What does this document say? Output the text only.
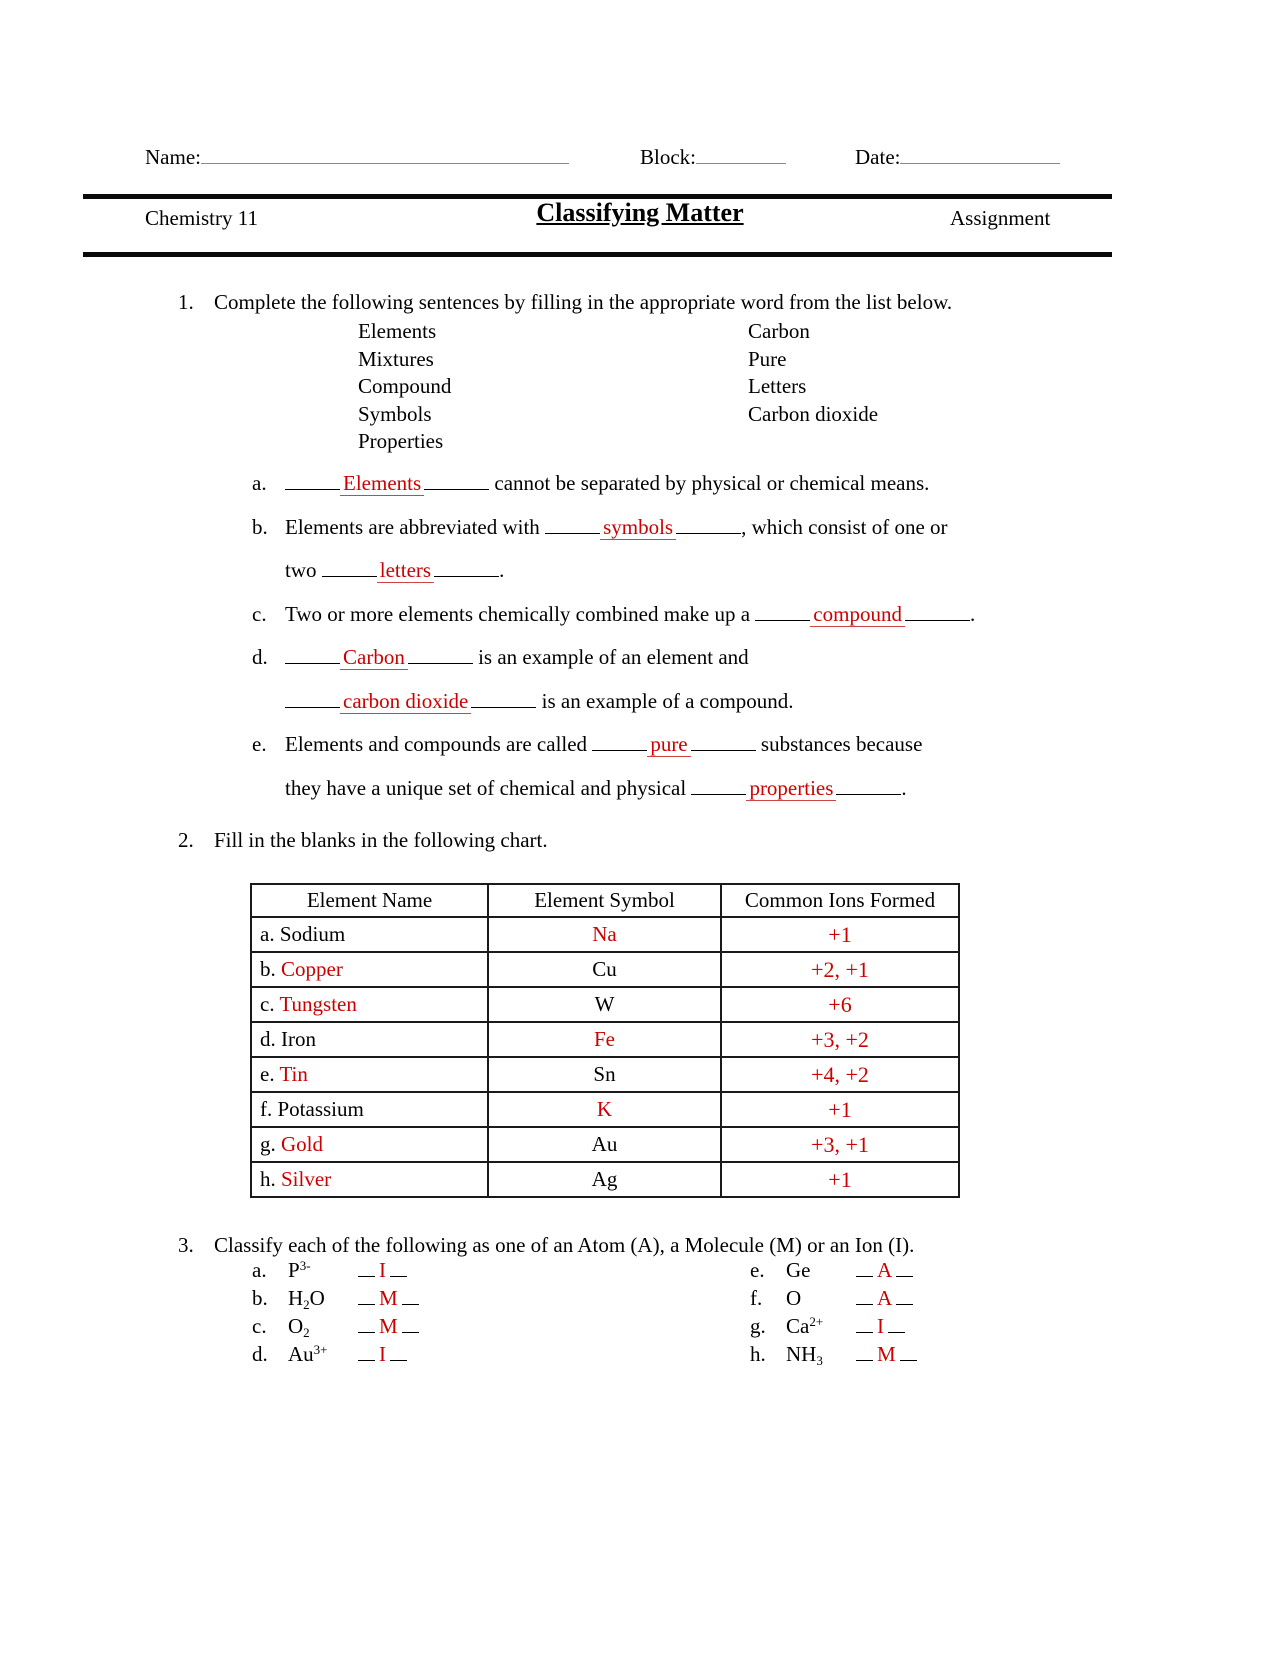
Name:	Block:	Date:
Chemistry 11	Classifying Matter	Assignment
1. Complete the following sentences by filling in the appropriate word from the list below.
Elements
Mixtures
Compound
Symbols
Properties
Carbon
Pure
Letters
Carbon dioxide
a.	Elements	cannot be separated by physical or chemical means.
b. Elements are abbreviated with	symbols	, which consist of one or
two	letters	.
c. Two or more elements chemically combined make up a	compound	.
d.	Carbon	is an example of an element and
carbon dioxide	is an example of a compound.
e. Elements and compounds are called	pure	substances because
they have a unique set of chemical and physical	properties	.
2. Fill in the blanks in the following chart.
Element Name	Element Symbol	Common Ions Formed
a. Sodium	Na	+1
b. Copper	Cu	+2, +1
c. Tungsten	W	+6
d. Iron	Fe	+3, +2
e. Tin	Sn	+4, +2
f. Potassium	K	+1
g. Gold	Au	+3, +1
h. Silver	Ag	+1
3. Classify each of the following as one of an Atom (A), a Molecule (M) or an Ion (I).
a. $P^{3-}$	I
b. H2O	M
c. O2	M
d. $Au^{3+}$ I
e. Ge	A
f. O	A
g. $Ca^{2+}$	I
h. NH3	M
